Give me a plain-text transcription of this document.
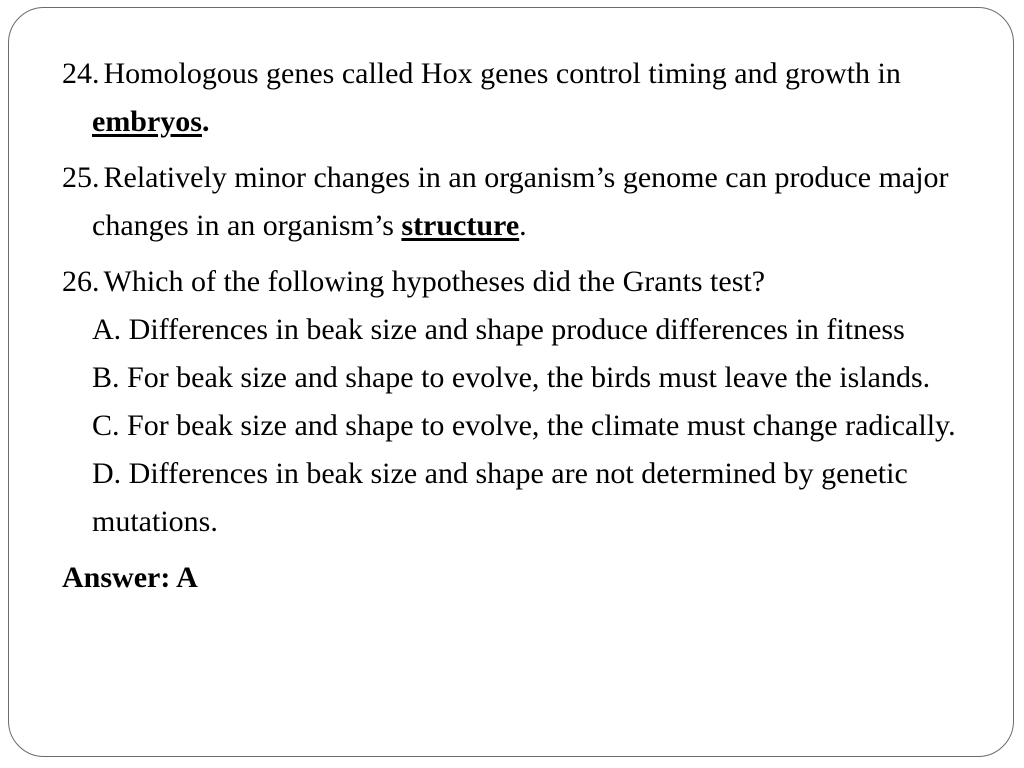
24. Homologous genes called Hox genes control timing and growth in embryos.
25. Relatively minor changes in an organism’s genome can produce major changes in an organism’s structure.
26. Which of the following hypotheses did the Grants test?
A. Differences in beak size and shape produce differences in fitness
B. For beak size and shape to evolve, the birds must leave the islands.
C. For beak size and shape to evolve, the climate must change radically.
D. Differences in beak size and shape are not determined by genetic mutations.
Answer: A
